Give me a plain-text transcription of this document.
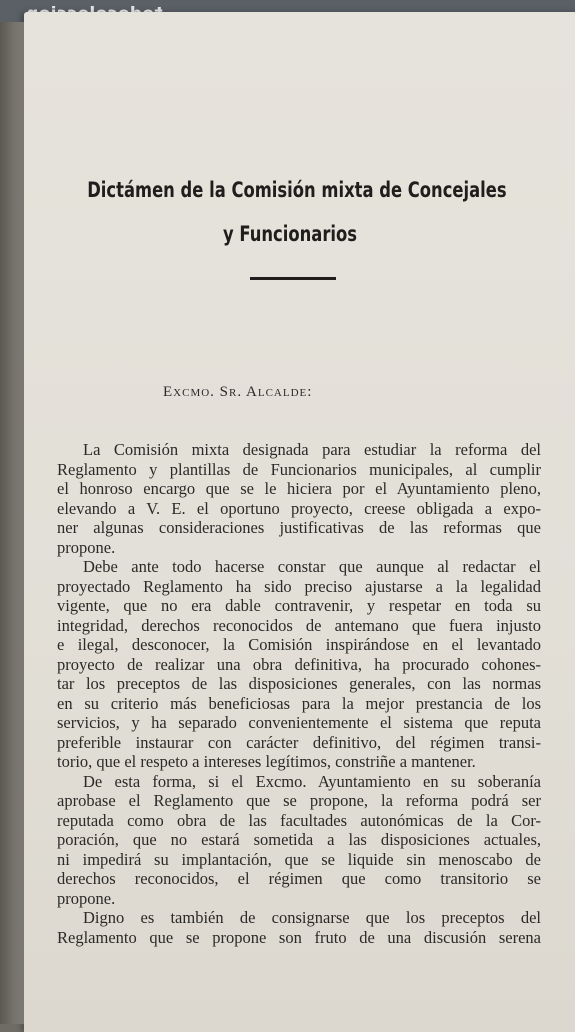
Dictámen de la Comisión mixta de Concejales
y Funcionarios
Excmo. Sr. Alcalde:
La Comisión mixta designada para estudiar la reforma del
Reglamento y plantillas de Funcionarios municipales, al cumplir
el honroso encargo que se le hiciera por el Ayuntamiento pleno,
elevando a V. E. el oportuno proyecto, creese obligada a expo-
ner algunas consideraciones justificativas de las reformas que
propone.
Debe ante todo hacerse constar que aunque al redactar el
proyectado Reglamento ha sido preciso ajustarse a la legalidad
vigente, que no era dable contravenir, y respetar en toda su
integridad, derechos reconocidos de antemano que fuera injusto
e ilegal, desconocer, la Comisión inspirándose en el levantado
proyecto de realizar una obra definitiva, ha procurado cohones-
tar los preceptos de las disposiciones generales, con las normas
en su criterio más beneficiosas para la mejor prestancia de los
servicios, y ha separado convenientemente el sistema que reputa
preferible instaurar con carácter definitivo, del régimen transi-
torio, que el respeto a intereses legítimos, constriñe a mantener.
De esta forma, si el Excmo. Ayuntamiento en su soberanía
aprobase el Reglamento que se propone, la reforma podrá ser
reputada como obra de las facultades autonómicas de la Cor-
poración, que no estará sometida a las disposiciones actuales,
ni impedirá su implantación, que se liquide sin menoscabo de
derechos reconocidos, el régimen que como transitorio se
propone.
Digno es también de consignarse que los preceptos del
Reglamento que se propone son fruto de una discusión serena
